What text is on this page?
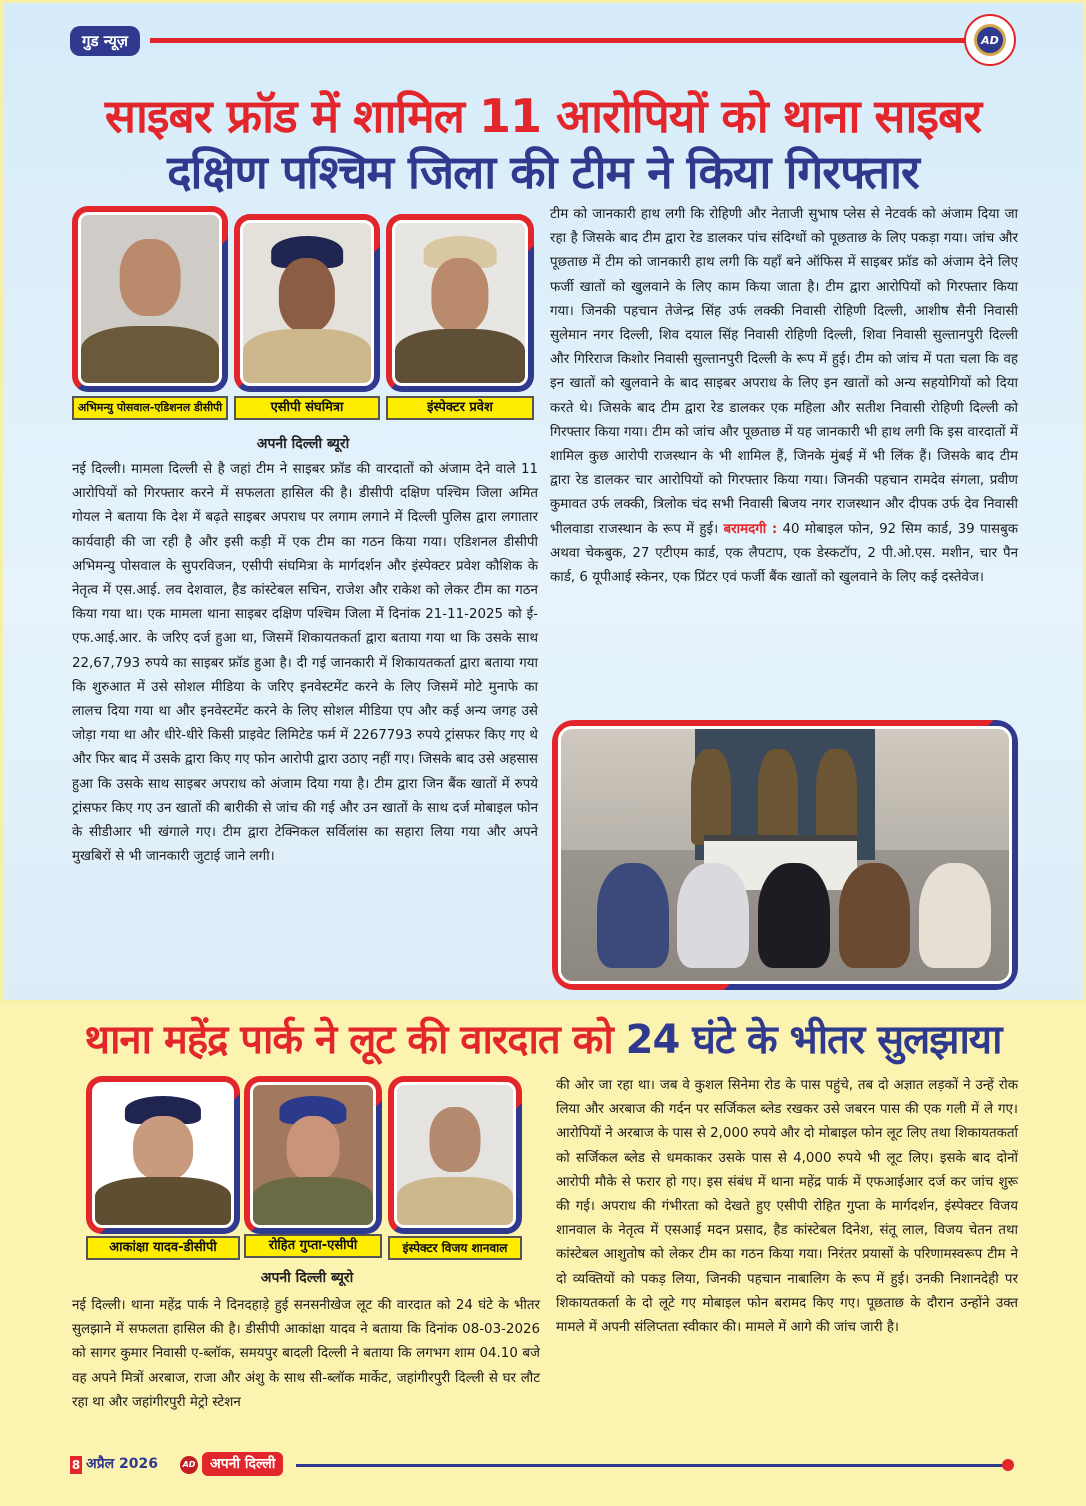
गुड न्यूज़	AD
साइबर फ्रॉड में शामिल 11 आरोपियों को थाना साइबर
दक्षिण पश्चिम जिला की टीम ने किया गिरफ्तार
अभिमन्यु पोसवाल-एडिशनल डीसीपी	एसीपी संघमित्रा	इंस्पेक्टर प्रवेश
अपनी दिल्ली ब्यूरो
नई दिल्ली। मामला दिल्ली से है जहां टीम ने साइबर फ्रॉड की वारदातों को अंजाम देने वाले 11 आरोपियों को गिरफ्तार करने में सफलता हासिल की है। डीसीपी दक्षिण पश्चिम जिला अमित गोयल ने बताया कि देश में बढ़ते साइबर अपराध पर लगाम लगाने में दिल्ली पुलिस द्वारा लगातार कार्यवाही की जा रही है और इसी कड़ी में एक टीम का गठन किया गया। एडिशनल डीसीपी अभिमन्यु पोसवाल के सुपरविजन, एसीपी संघमित्रा के मार्गदर्शन और इंस्पेक्टर प्रवेश कौशिक के नेतृत्व में एस.आई. लव देशवाल, हैड कांस्टेबल सचिन, राजेश और राकेश को लेकर टीम का गठन किया गया था। एक मामला थाना साइबर दक्षिण पश्चिम जिला में दिनांक 21-11-2025 को ई-एफ.आई.आर. के जरिए दर्ज हुआ था, जिसमें शिकायतकर्ता द्वारा बताया गया था कि उसके साथ 22,67,793 रुपये का साइबर फ्रॉड हुआ है। दी गई जानकारी में शिकायतकर्ता द्वारा बताया गया कि शुरुआत में उसे सोशल मीडिया के जरिए इनवेस्टमेंट करने के लिए जिसमें मोटे मुनाफे का लालच दिया गया था और इनवेस्टमेंट करने के लिए सोशल मीडिया एप और कई अन्य जगह उसे जोड़ा गया था और धीरे-धीरे किसी प्राइवेट लिमिटेड फर्म में 2267793 रुपये ट्रांसफर किए गए थे और फिर बाद में उसके द्वारा किए गए फोन आरोपी द्वारा उठाए नहीं गए। जिसके बाद उसे अहसास हुआ कि उसके साथ साइबर अपराध को अंजाम दिया गया है। टीम द्वारा जिन बैंक खातों में रुपये ट्रांसफर किए गए उन खातों की बारीकी से जांच की गई और उन खातों के साथ दर्ज मोबाइल फोन के सीडीआर भी खंगाले गए। टीम द्वारा टेक्निकल सर्विलांस का सहारा लिया गया और अपने मुखबिरों से भी जानकारी जुटाई जाने लगी।
टीम को जानकारी हाथ लगी कि रोहिणी और नेताजी सुभाष प्लेस से नेटवर्क को अंजाम दिया जा रहा है जिसके बाद टीम द्वारा रेड डालकर पांच संदिग्धों को पूछताछ के लिए पकड़ा गया। जांच और पूछताछ में टीम को जानकारी हाथ लगी कि यहाँ बने ऑफिस में साइबर फ्रॉड को अंजाम देने लिए फर्जी खातों को खुलवाने के लिए काम किया जाता है। टीम द्वारा आरोपियों को गिरफ्तार किया गया। जिनकी पहचान तेजेन्द्र सिंह उर्फ लक्की निवासी रोहिणी दिल्ली, आशीष सैनी निवासी सुलेमान नगर दिल्ली, शिव दयाल सिंह निवासी रोहिणी दिल्ली, शिवा निवासी सुल्तानपुरी दिल्ली और गिरिराज किशोर निवासी सुल्तानपुरी दिल्ली के रूप में हुई। टीम को जांच में पता चला कि वह इन खातों को खुलवाने के बाद साइबर अपराध के लिए इन खातों को अन्य सहयोगियों को दिया करते थे। जिसके बाद टीम द्वारा रेड डालकर एक महिला और सतीश निवासी रोहिणी दिल्ली को गिरफ्तार किया गया। टीम को जांच और पूछताछ में यह जानकारी भी हाथ लगी कि इस वारदातों में शामिल कुछ आरोपी राजस्थान के भी शामिल हैं, जिनके मुंबई में भी लिंक हैं। जिसके बाद टीम द्वारा रेड डालकर चार आरोपियों को गिरफ्तार किया गया। जिनकी पहचान रामदेव संगला, प्रवीण कुमावत उर्फ लक्की, त्रिलोक चंद सभी निवासी बिजय नगर राजस्थान और दीपक उर्फ देव निवासी भीलवाडा राजस्थान के रूप में हुई। बरामदगी : 40 मोबाइल फोन, 92 सिम कार्ड, 39 पासबुक अथवा चेकबुक, 27 एटीएम कार्ड, एक लैपटाप, एक डेस्कटॉप, 2 पी.ओ.एस. मशीन, चार पैन कार्ड, 6 यूपीआई स्केनर, एक प्रिंटर एवं फर्जी बैंक खातों को खुलवाने के लिए कई दस्तेवेज।
थाना महेंद्र पार्क ने लूट की वारदात को 24 घंटे के भीतर सुलझाया
आकांक्षा यादव-डीसीपी	रोहित गुप्ता-एसीपी	इंस्पेक्टर विजय शानवाल
अपनी दिल्ली ब्यूरो
नई दिल्ली। थाना महेंद्र पार्क ने दिनदहाड़े हुई सनसनीखेज लूट की वारदात को 24 घंटे के भीतर सुलझाने में सफलता हासिल की है। डीसीपी आकांक्षा यादव ने बताया कि दिनांक 08-03-2026 को सागर कुमार निवासी ए-ब्लॉक, समयपुर बादली दिल्ली ने बताया कि लगभग शाम 04.10 बजे वह अपने मित्रों अरबाज, राजा और अंशु के साथ सी-ब्लॉक मार्केट, जहांगीरपुरी दिल्ली से घर लौट रहा था और जहांगीरपुरी मेट्रो स्टेशन
की ओर जा रहा था। जब वे कुशल सिनेमा रोड के पास पहुंचे, तब दो अज्ञात लड़कों ने उन्हें रोक लिया और अरबाज की गर्दन पर सर्जिकल ब्लेड रखकर उसे जबरन पास की एक गली में ले गए। आरोपियों ने अरबाज के पास से 2,000 रुपये और दो मोबाइल फोन लूट लिए तथा शिकायतकर्ता को सर्जिकल ब्लेड से धमकाकर उसके पास से 4,000 रुपये भी लूट लिए। इसके बाद दोनों आरोपी मौके से फरार हो गए। इस संबंध में थाना महेंद्र पार्क में एफआईआर दर्ज कर जांच शुरू की गई। अपराध की गंभीरता को देखते हुए एसीपी रोहित गुप्ता के मार्गदर्शन, इंस्पेक्टर विजय शानवाल के नेतृत्व में एसआई मदन प्रसाद, हैड कांस्टेबल दिनेश, संतू लाल, विजय चेतन तथा कांस्टेबल आशुतोष को लेकर टीम का गठन किया गया। निरंतर प्रयासों के परिणामस्वरूप टीम ने दो व्यक्तियों को पकड़ लिया, जिनकी पहचान नाबालिग के रूप में हुई। उनकी निशानदेही पर शिकायतकर्ता के दो लूटे गए मोबाइल फोन बरामद किए गए। पूछताछ के दौरान उन्होंने उक्त मामले में अपनी संलिप्तता स्वीकार की। मामले में आगे की जांच जारी है।
8 अप्रैल 2026	AD	अपनी दिल्ली
